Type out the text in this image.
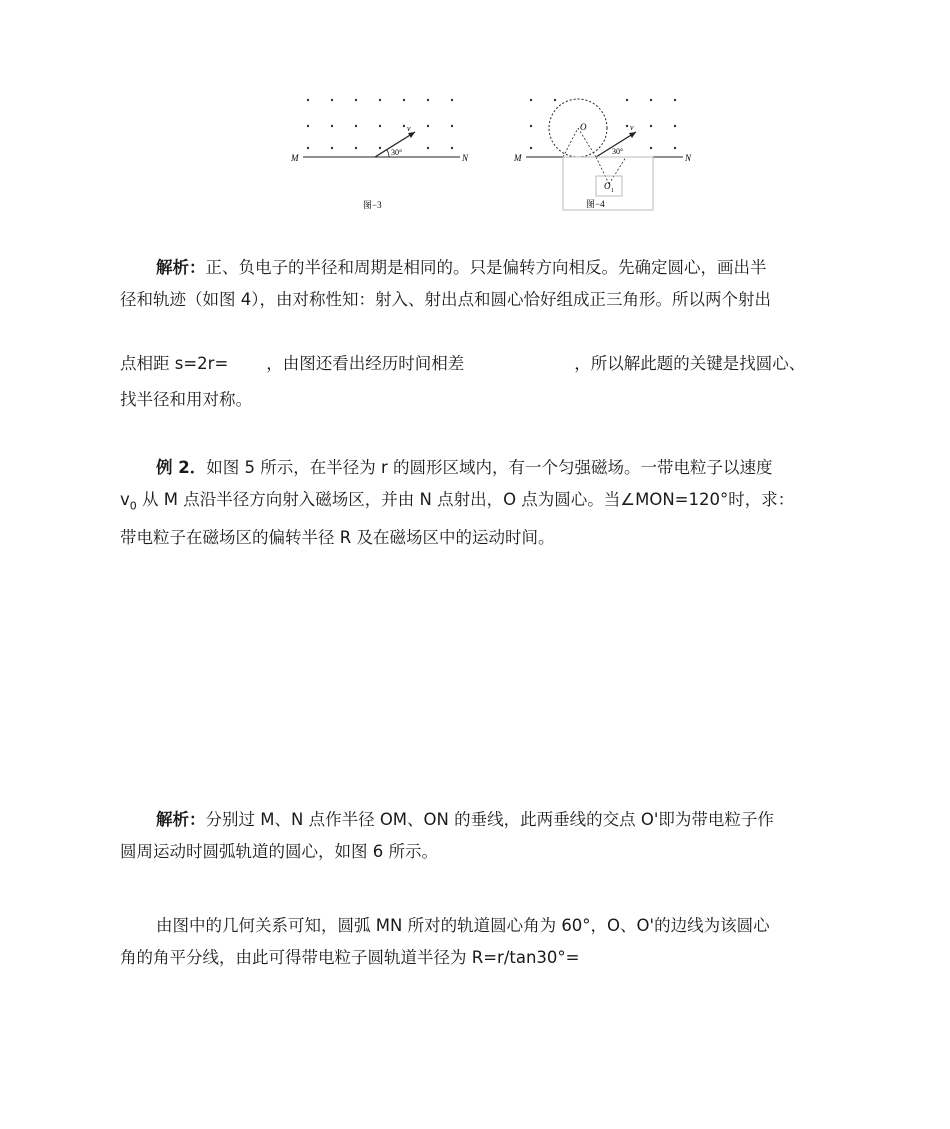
M	N
30°
v
图−3
M	N
30°
v
O
O 1
图−4
解析：正、负电子的半径和周期是相同的。只是偏转方向相反。先确定圆心，画出半
径和轨迹（如图 4），由对称性知：射入、射出点和圆心恰好组成正三角形。所以两个射出
点相距 s=2r= ，由图还看出经历时间相差	，所以解此题的关键是找圆心、
找半径和用对称。
例 2．如图 5 所示，在半径为 r 的圆形区域内，有一个匀强磁场。一带电粒子以速度
$v_0$ 从 M 点沿半径方向射入磁场区，并由 N 点射出，O 点为圆心。当∠MON=120°时，求：
带电粒子在磁场区的偏转半径 R 及在磁场区中的运动时间。
解析：分别过 M、N 点作半径 OM、ON 的垂线，此两垂线的交点 O'即为带电粒子作
圆周运动时圆弧轨道的圆心，如图 6 所示。
由图中的几何关系可知，圆弧 MN 所对的轨道圆心角为 60°，O、O'的边线为该圆心
角的角平分线，由此可得带电粒子圆轨道半径为 R=r/tan30°=
